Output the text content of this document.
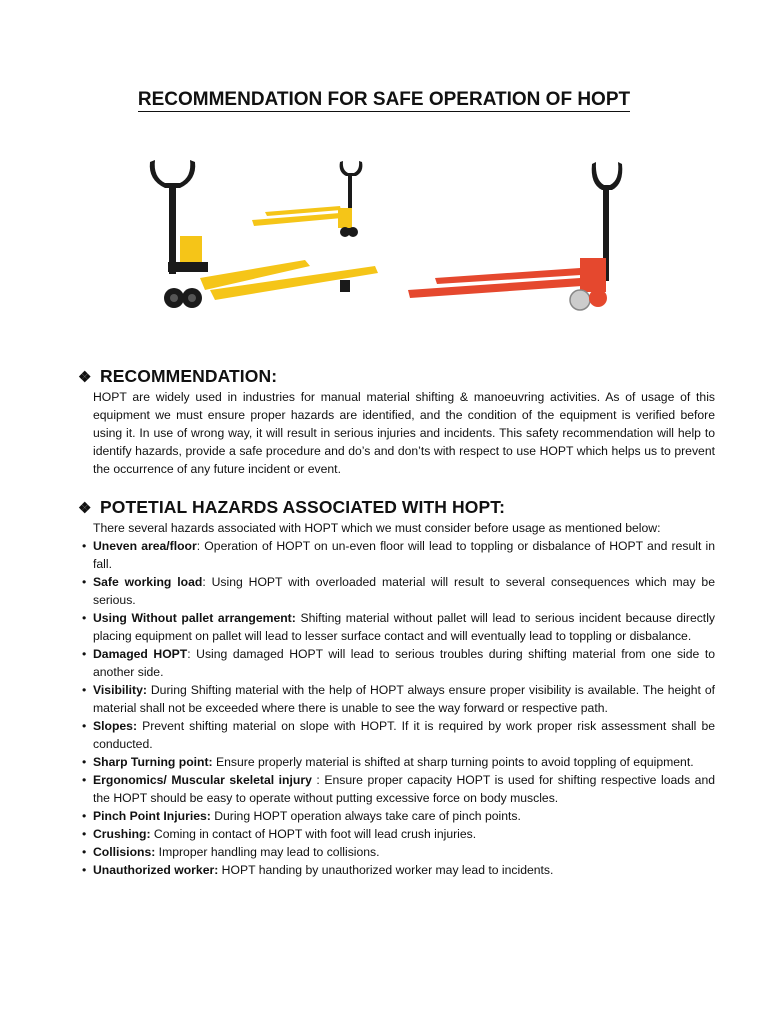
RECOMMENDATION FOR SAFE OPERATION OF HOPT
❖ RECOMMENDATION:
HOPT are widely used in industries for manual material shifting & manoeuvring activities. As of usage of this equipment we must ensure proper hazards are identified, and the condition of the equipment is verified before using it. In use of wrong way, it will result in serious injuries and incidents. This safety recommendation will help to identify hazards, provide a safe procedure and do’s and don’ts with respect to use HOPT which helps us to prevent the occurrence of any future incident or event.
❖ POTETIAL HAZARDS ASSOCIATED WITH HOPT:
There several hazards associated with HOPT which we must consider before usage as mentioned below:
• Uneven area/floor: Operation of HOPT on un-even floor will lead to toppling or disbalance of HOPT and result in fall.
• Safe working load: Using HOPT with overloaded material will result to several consequences which may be serious.
• Using Without pallet arrangement: Shifting material without pallet will lead to serious incident because directly placing equipment on pallet will lead to lesser surface contact and will eventually lead to toppling or disbalance.
• Damaged HOPT: Using damaged HOPT will lead to serious troubles during shifting material from one side to another side.
• Visibility: During Shifting material with the help of HOPT always ensure proper visibility is available. The height of material shall not be exceeded where there is unable to see the way forward or respective path.
• Slopes: Prevent shifting material on slope with HOPT. If it is required by work proper risk assessment shall be conducted.
• Sharp Turning point: Ensure properly material is shifted at sharp turning points to avoid toppling of equipment.
• Ergonomics/ Muscular skeletal injury : Ensure proper capacity HOPT is used for shifting respective loads and the HOPT should be easy to operate without putting excessive force on body muscles.
• Pinch Point Injuries: During HOPT operation always take care of pinch points.
• Crushing: Coming in contact of HOPT with foot will lead crush injuries.
• Collisions: Improper handling may lead to collisions.
• Unauthorized worker: HOPT handing by unauthorized worker may lead to incidents.
